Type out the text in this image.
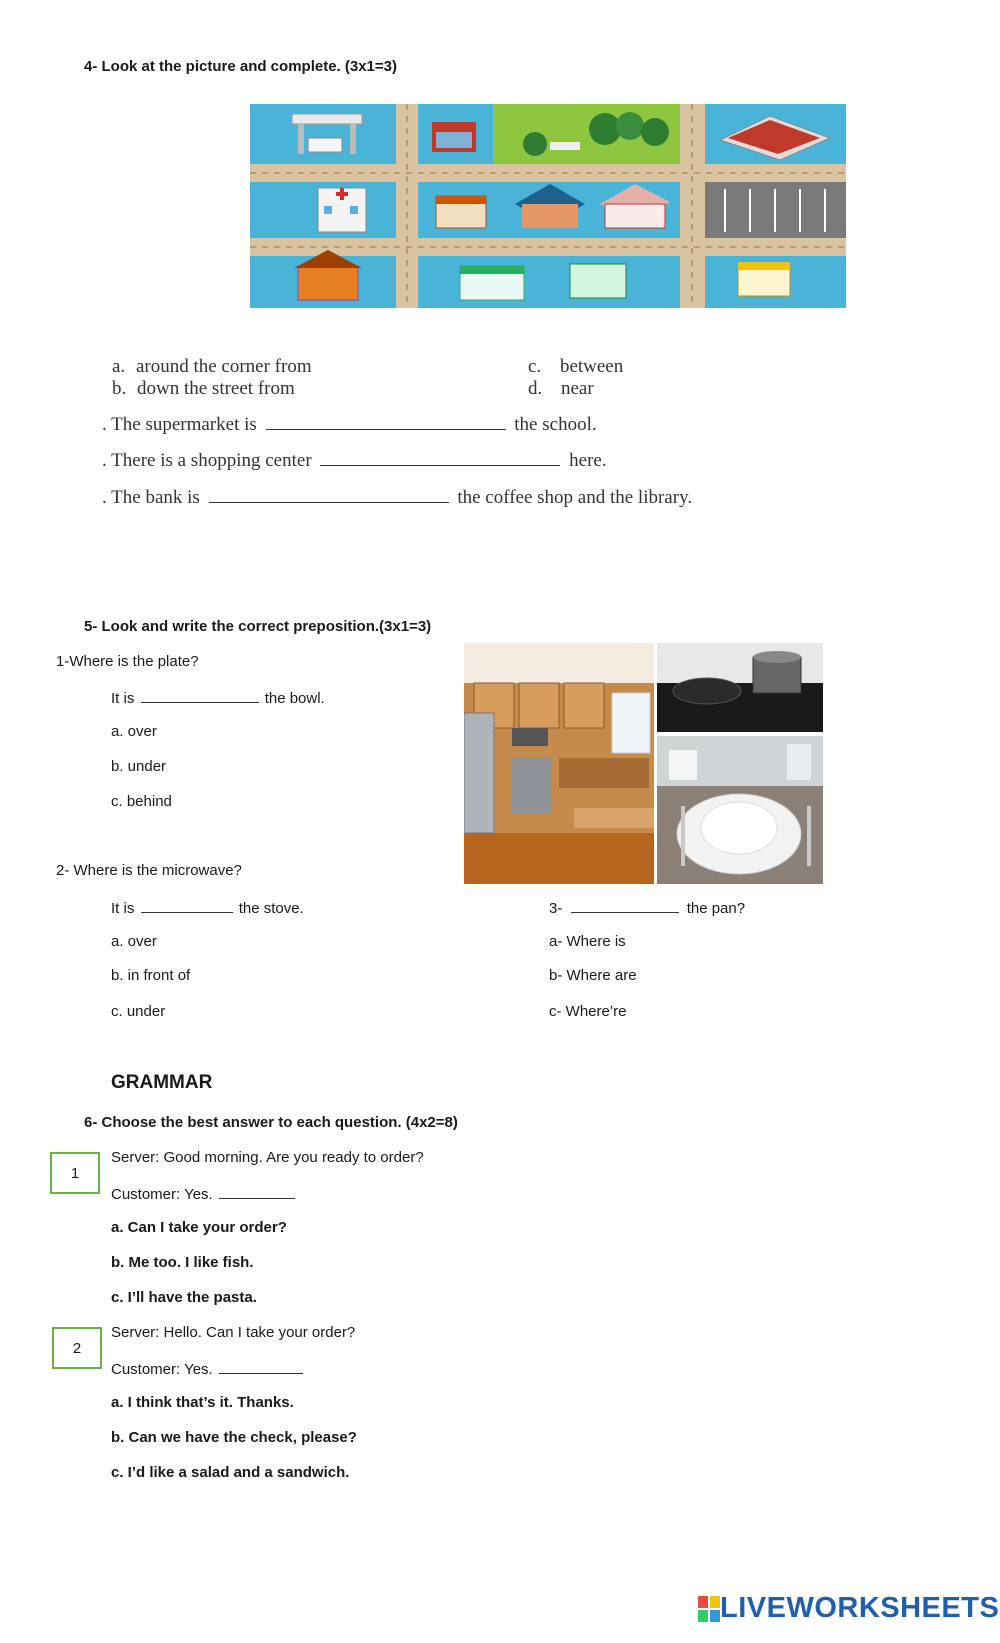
4- Look at the picture and complete. (3x1=3)
a. around the corner from
b. down the street from
c. between
d. near
. The supermarket is	the school.
. There is a shopping center	here.
. The bank is	the coffee shop and the library.
5- Look and write the correct preposition.(3x1=3)
1-Where is the plate?
It is	the bowl.
a. over
b. under
c. behind
2- Where is the microwave?
It is	the stove.
a. over
b. in front of
c. under
3-	the pan?
a- Where is
b- Where are
c- Where’re
GRAMMAR
6- Choose the best answer to each question. (4x2=8)
1
Server: Good morning. Are you ready to order?
Customer: Yes.
a. Can I take your order?
b. Me too. I like fish.
c. I’ll have the pasta.
2
Server: Hello. Can I take your order?
Customer: Yes.
a. I think that’s it. Thanks.
b. Can we have the check, please?
c. I’d like a salad and a sandwich.
LIVEWORKSHEETS
